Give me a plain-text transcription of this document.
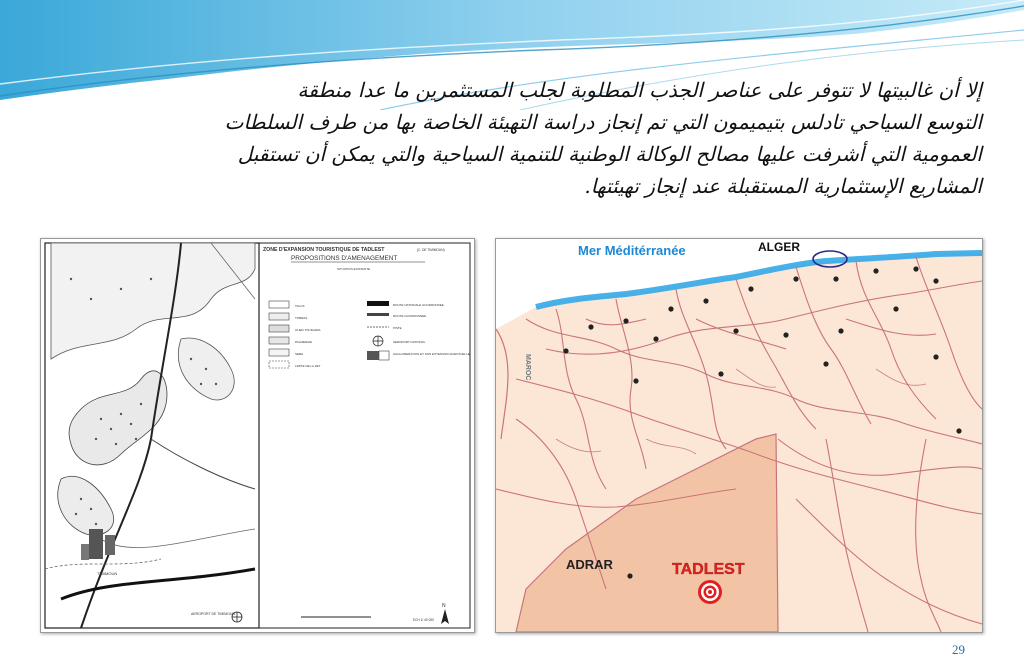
إلا أن غالبيتها لا تتوفر على عناصر الجذب المطلوبة لجلب المستثمرين ما عدا منطقة
التوسع السياحي تادلس بتيميمون التي تم إنجاز دراسة التهيئة الخاصة بها من طرف السلطات
العمومية التي أشرفت عليها مصالح الوكالة الوطنية للتنمية السياحية والتي يمكن أن تستقبل
المشاريع الإستثمارية المستقبلة عند إنجاز تهيئتها.
TIMIMOUN
AEROPORT DE TIMIMOUN
ZONE D'EXPANSION TOURISTIQUE DE TADLEST	(C. DE TIMIMOUN)
PROPOSITIONS D'AMENAGEMENT
SITUATION EXISTANTE
TALUS
TOBRAS
OUED TOUDJARA
PALMERAIE
SEBH
LIMITE DE LA ZET
ROUTE NATIONALE GOUDRONNEE
ROUTE GOUDRONNEE
PISTE
AEROPORT NATIONAL
AGGLOMERATION ET SON EXTENSION EVENTUELLE
ECH 1/ 40 000
N
Mer Méditérranée	ALGER
MAROC
ADRAR	TADLEST
29
